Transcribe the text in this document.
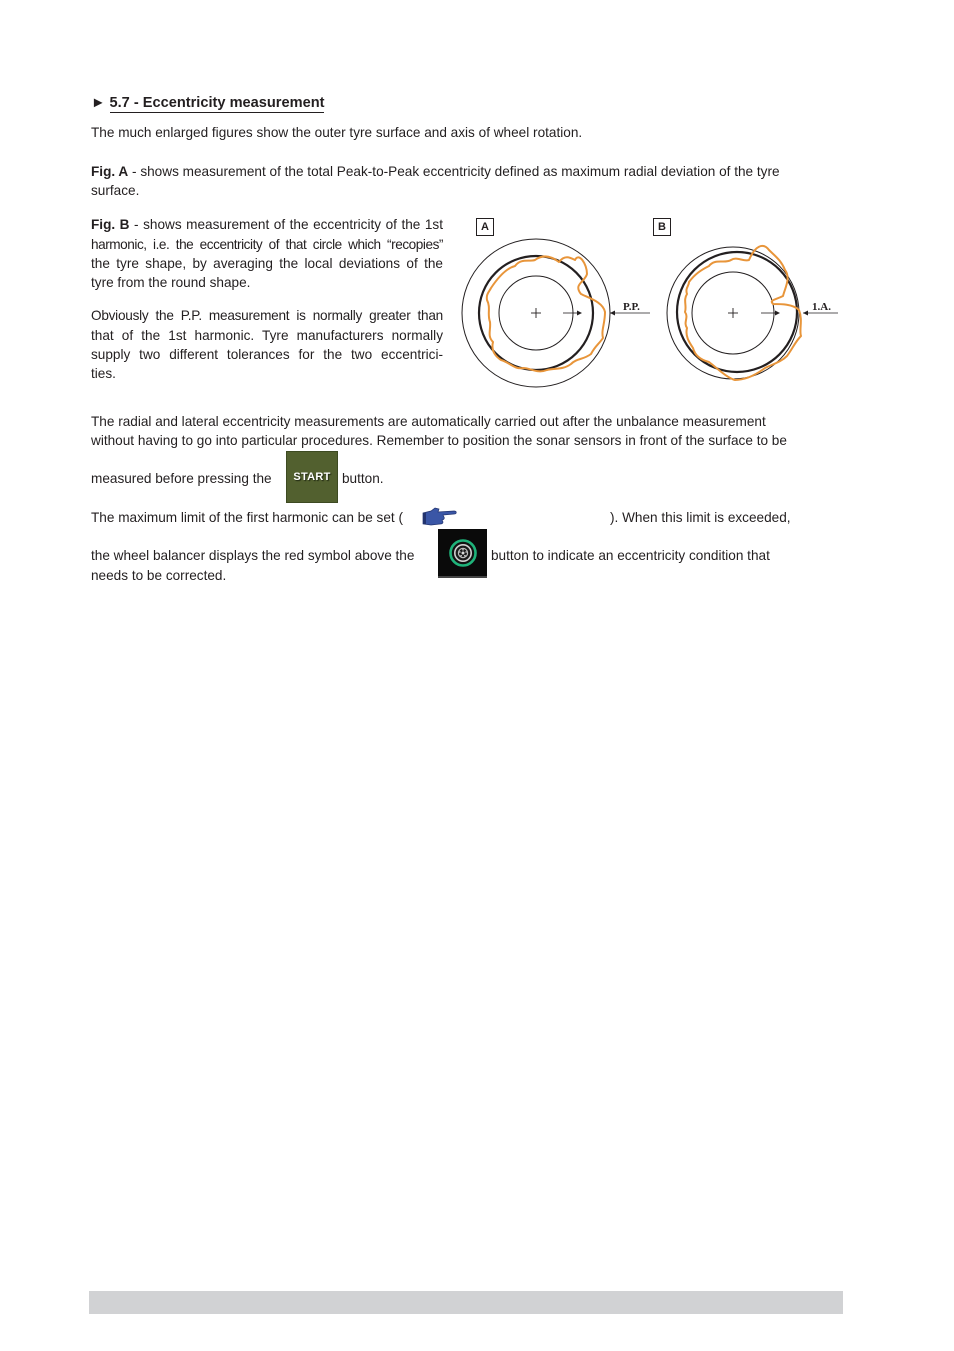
► 5.7 - Eccentricity measurement
The much enlarged figures show the outer tyre surface and axis of wheel rotation.
Fig. A - shows measurement of the total Peak-to-Peak eccentricity defined as maximum radial deviation of the tyre
surface.
Fig. B - shows measurement of the eccentricity of the 1st
harmonic, i.e. the eccentricity of that circle which “recopies”
the tyre shape, by averaging the local deviations of the
tyre from the round shape.
Obviously the P.P. measurement is normally greater than
that of the 1st harmonic. Tyre manufacturers normally
supply two different tolerances for the two eccentrici-
ties.
A
P.P.
B
1.A.
The radial and lateral eccentricity measurements are automatically carried out after the unbalance measurement
without having to go into particular procedures. Remember to position the sonar sensors in front of the surface to be
measured before pressing the START button.
The maximum limit of the first harmonic can be set (	). When this limit is exceeded,
the wheel balancer displays the red symbol above the	button to indicate an eccentricity condition that
needs to be corrected.
